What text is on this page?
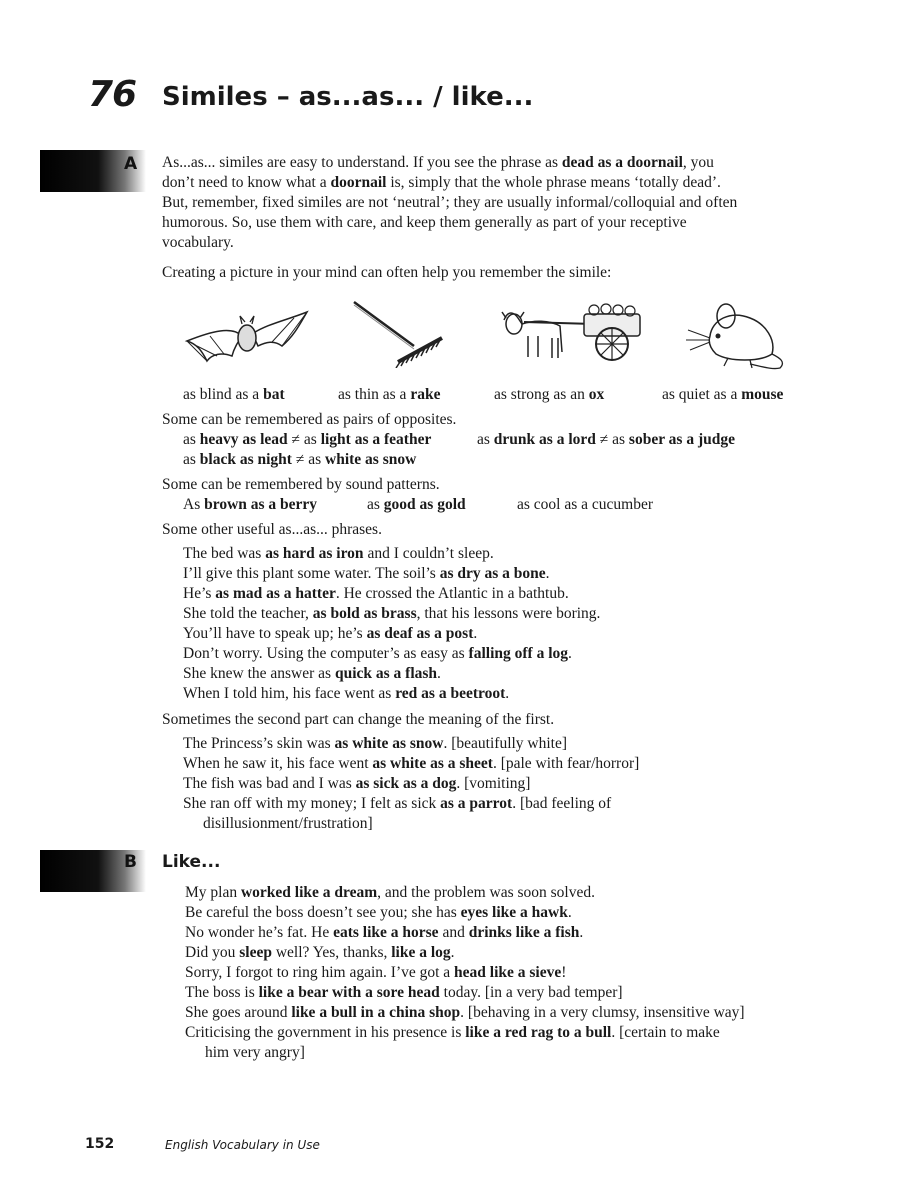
76 Similes – as...as... / like...
A As...as... similes are easy to understand. If you see the phrase as dead as a doornail, you
don’t need to know what a doornail is, simply that the whole phrase means ‘totally dead’.
But, remember, fixed similes are not ‘neutral’; they are usually informal/colloquial and often
humorous. So, use them with care, and keep them generally as part of your receptive
vocabulary.
Creating a picture in your mind can often help you remember the simile:
as blind as a bat	as thin as a rake	as strong as an ox	as quiet as a mouse
Some can be remembered as pairs of opposites.
as heavy as lead ≠ as light as a feather	as drunk as a lord ≠ as sober as a judge
as black as night ≠ as white as snow
Some can be remembered by sound patterns.
As brown as a berry	as good as gold	as cool as a cucumber
Some other useful as...as... phrases.
The bed was as hard as iron and I couldn’t sleep.
I’ll give this plant some water. The soil’s as dry as a bone.
He’s as mad as a hatter. He crossed the Atlantic in a bathtub.
She told the teacher, as bold as brass, that his lessons were boring.
You’ll have to speak up; he’s as deaf as a post.
Don’t worry. Using the computer’s as easy as falling off a log.
She knew the answer as quick as a flash.
When I told him, his face went as red as a beetroot.
Sometimes the second part can change the meaning of the first.
The Princess’s skin was as white as snow. [beautifully white]
When he saw it, his face went as white as a sheet. [pale with fear/horror]
The fish was bad and I was as sick as a dog. [vomiting]
She ran off with my money; I felt as sick as a parrot. [bad feeling of
disillusionment/frustration]
B Like...
My plan worked like a dream, and the problem was soon solved.
Be careful the boss doesn’t see you; she has eyes like a hawk.
No wonder he’s fat. He eats like a horse and drinks like a fish.
Did you sleep well? Yes, thanks, like a log.
Sorry, I forgot to ring him again. I’ve got a head like a sieve!
The boss is like a bear with a sore head today. [in a very bad temper]
She goes around like a bull in a china shop. [behaving in a very clumsy, insensitive way]
Criticising the government in his presence is like a red rag to a bull. [certain to make
him very angry]
152	English Vocabulary in Use
